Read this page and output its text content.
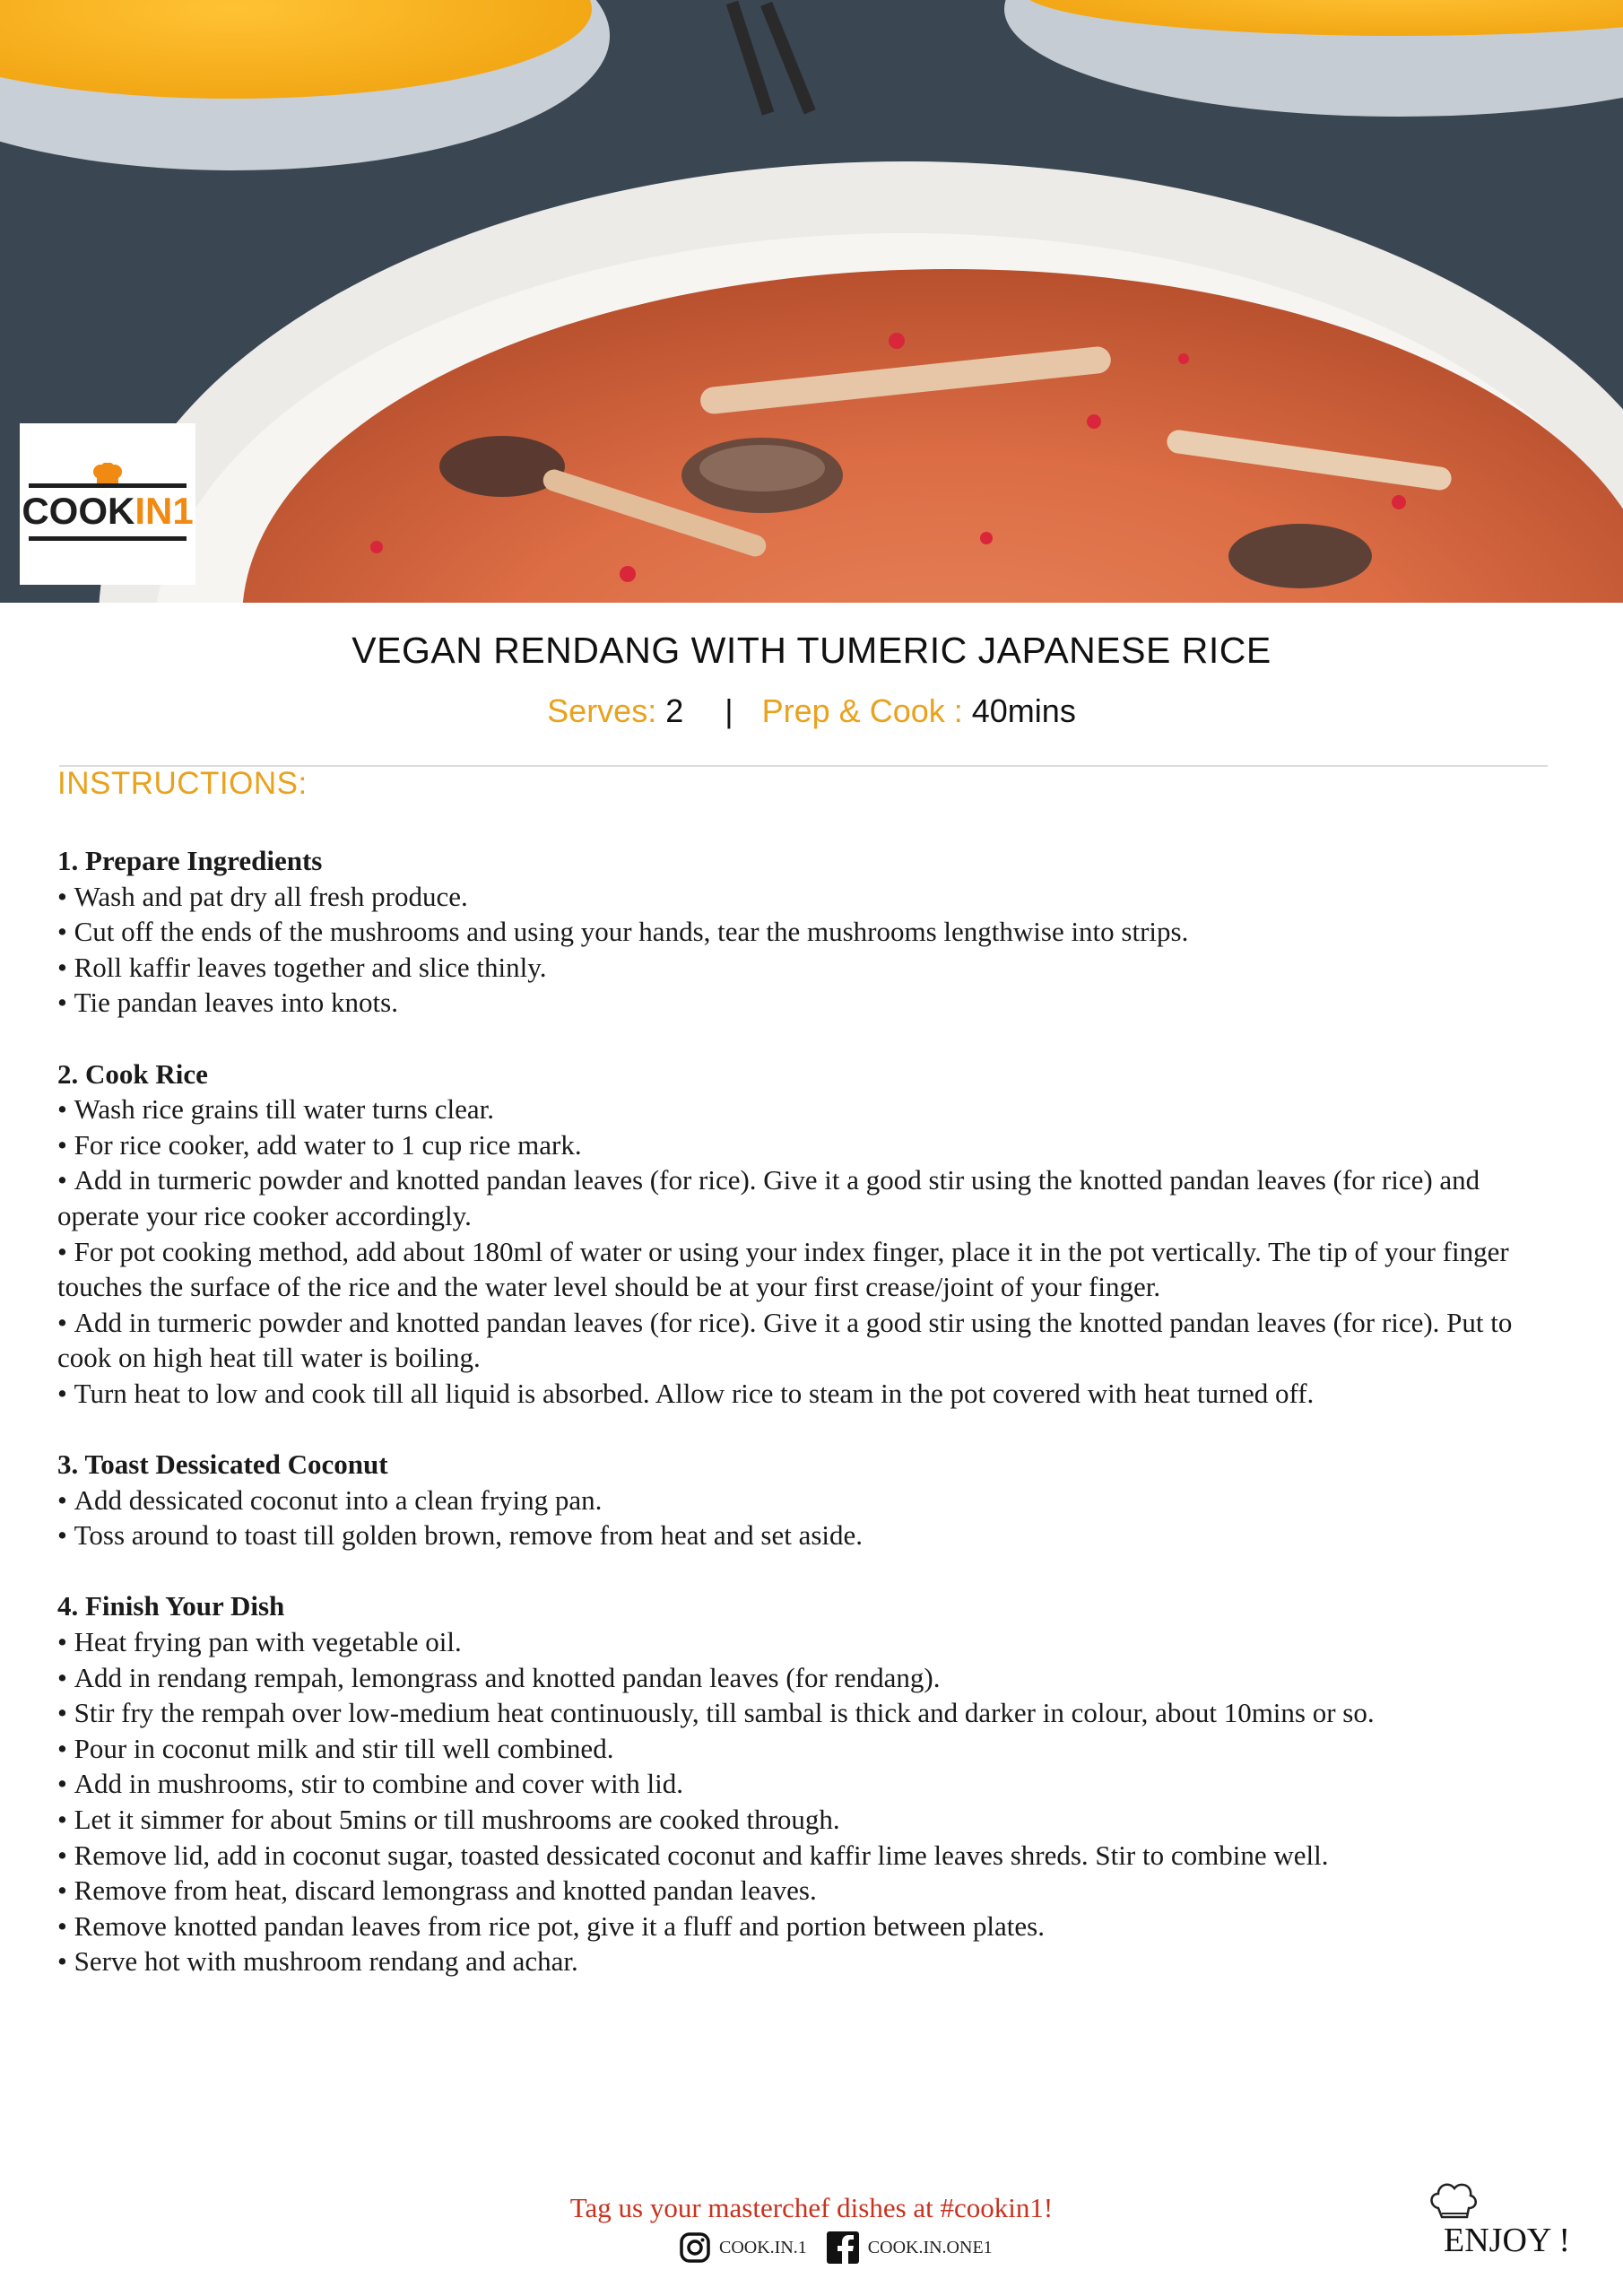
COOKIN1
VEGAN RENDANG WITH TUMERIC JAPANESE RICE
Serves: 2 | Prep & Cook : 40mins
INSTRUCTIONS:
1. Prepare Ingredients
• Wash and pat dry all fresh produce.
• Cut off the ends of the mushrooms and using your hands, tear the mushrooms lengthwise into strips.
• Roll kaffir leaves together and slice thinly.
• Tie pandan leaves into knots.
2. Cook Rice
• Wash rice grains till water turns clear.
• For rice cooker, add water to 1 cup rice mark.
• Add in turmeric powder and knotted pandan leaves (for rice). Give it a good stir using the knotted pandan leaves (for rice) and operate your rice cooker accordingly.
• For pot cooking method, add about 180ml of water or using your index finger, place it in the pot vertically. The tip of your finger touches the surface of the rice and the water level should be at your first crease/joint of your finger.
• Add in turmeric powder and knotted pandan leaves (for rice). Give it a good stir using the knotted pandan leaves (for rice). Put to cook on high heat till water is boiling.
• Turn heat to low and cook till all liquid is absorbed. Allow rice to steam in the pot covered with heat turned off.
3. Toast Dessicated Coconut
• Add dessicated coconut into a clean frying pan.
• Toss around to toast till golden brown, remove from heat and set aside.
4. Finish Your Dish
• Heat frying pan with vegetable oil.
• Add in rendang rempah, lemongrass and knotted pandan leaves (for rendang).
• Stir fry the rempah over low-medium heat continuously, till sambal is thick and darker in colour, about 10mins or so.
• Pour in coconut milk and stir till well combined.
• Add in mushrooms, stir to combine and cover with lid.
• Let it simmer for about 5mins or till mushrooms are cooked through.
• Remove lid, add in coconut sugar, toasted dessicated coconut and kaffir lime leaves shreds. Stir to combine well.
• Remove from heat, discard lemongrass and knotted pandan leaves.
• Remove knotted pandan leaves from rice pot, give it a fluff and portion between plates.
• Serve hot with mushroom rendang and achar.
Tag us your masterchef dishes at #cookin1!
COOK.IN.1	COOK.IN.ONE1	ENJOY !
